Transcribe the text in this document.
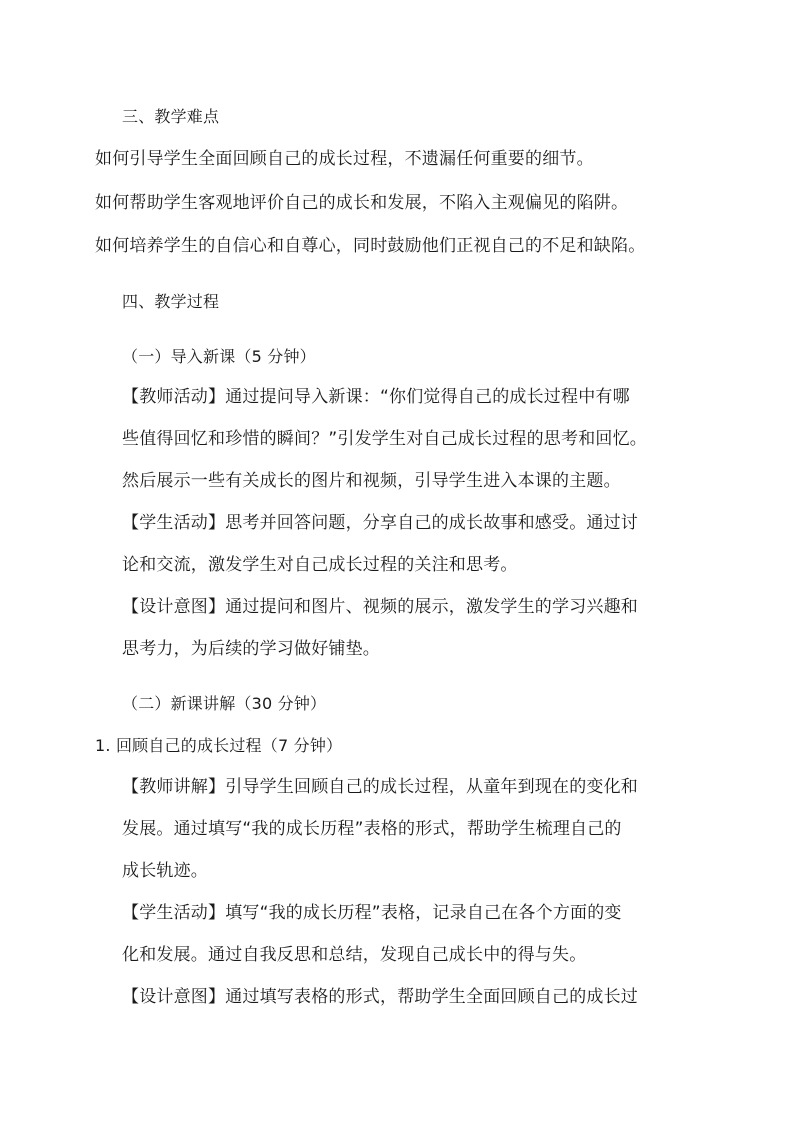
三、教学难点
如何引导学生全面回顾自己的成长过程，不遗漏任何重要的细节。
如何帮助学生客观地评价自己的成长和发展，不陷入主观偏见的陷阱。
如何培养学生的自信心和自尊心，同时鼓励他们正视自己的不足和缺陷。
四、教学过程
（一）导入新课（5 分钟）
【教师活动】通过提问导入新课：“你们觉得自己的成长过程中有哪
些值得回忆和珍惜的瞬间？”引发学生对自己成长过程的思考和回忆。
然后展示一些有关成长的图片和视频，引导学生进入本课的主题。
【学生活动】思考并回答问题，分享自己的成长故事和感受。通过讨
论和交流，激发学生对自己成长过程的关注和思考。
【设计意图】通过提问和图片、视频的展示，激发学生的学习兴趣和
思考力，为后续的学习做好铺垫。
（二）新课讲解（30 分钟）
1. 回顾自己的成长过程（7 分钟）
【教师讲解】引导学生回顾自己的成长过程，从童年到现在的变化和
发展。通过填写“我的成长历程”表格的形式，帮助学生梳理自己的
成长轨迹。
【学生活动】填写“我的成长历程”表格，记录自己在各个方面的变
化和发展。通过自我反思和总结，发现自己成长中的得与失。
【设计意图】通过填写表格的形式，帮助学生全面回顾自己的成长过
